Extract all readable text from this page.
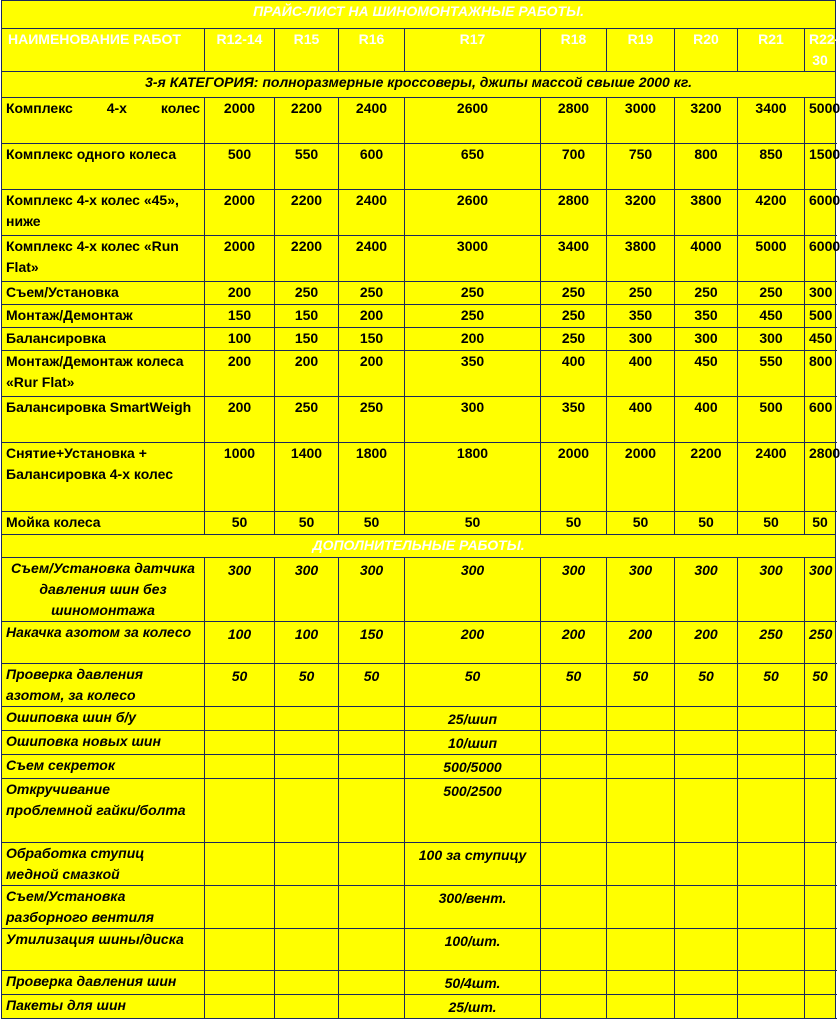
ПРАЙС-ЛИСТ НА ШИНОМОНТАЖНЫЕ РАБОТЫ.									
НАИМЕНОВАНИЕ РАБОТ	R12-14	R15	R16	R17	R18	R19	R20	R21	R22-30
3-я КАТЕГОРИЯ: полноразмерные кроссоверы, джипы массой свыше 2000 кг.									
Комплекс 4-х колес	2000	2200	2400	2600	2800	3000	3200	3400	5000
Комплекс одного колеса	500	550	600	650	700	750	800	850	1500
Комплекс 4-х колес «45», ниже	2000	2200	2400	2600	2800	3200	3800	4200	6000
Комплекс 4-х колес «Run Flat»	2000	2200	2400	3000	3400	3800	4000	5000	6000
Съем/Установка	200	250	250	250	250	250	250	250	300
Монтаж/Демонтаж	150	150	200	250	250	350	350	450	500
Балансировка	100	150	150	200	250	300	300	300	450
Монтаж/Демонтаж колеса «Rur Flat»	200	200	200	350	400	400	450	550	800
Балансировка SmartWeigh	200	250	250	300	350	400	400	500	600
Снятие+Установка + Балансировка 4-х колес	1000	1400	1800	1800	2000	2000	2200	2400	2800
Мойка колеса	50	50	50	50	50	50	50	50	50
ДОПОЛНИТЕЛЬНЫЕ РАБОТЫ.									
Съем/Установка датчика давления шин без шиномонтажа	300	300	300	300	300	300	300	300	300
Накачка азотом за колесо	100	100	150	200	200	200	200	250	250
Проверка давления азотом, за колесо	50	50	50	50	50	50	50	50	50
Ошиповка шин б/у				25/шип					
Ошиповка новых шин				10/шип					
Съем секреток				500/5000					
Откручивание проблемной гайки/болта				500/2500					
Обработка ступиц медной смазкой				100 за ступицу					
Съем/Установка разборного вентиля				300/вент.					
Утилизация шины/диска				100/шт.					
Проверка давления шин				50/4шт.					
Пакеты для шин				25/шт.					
